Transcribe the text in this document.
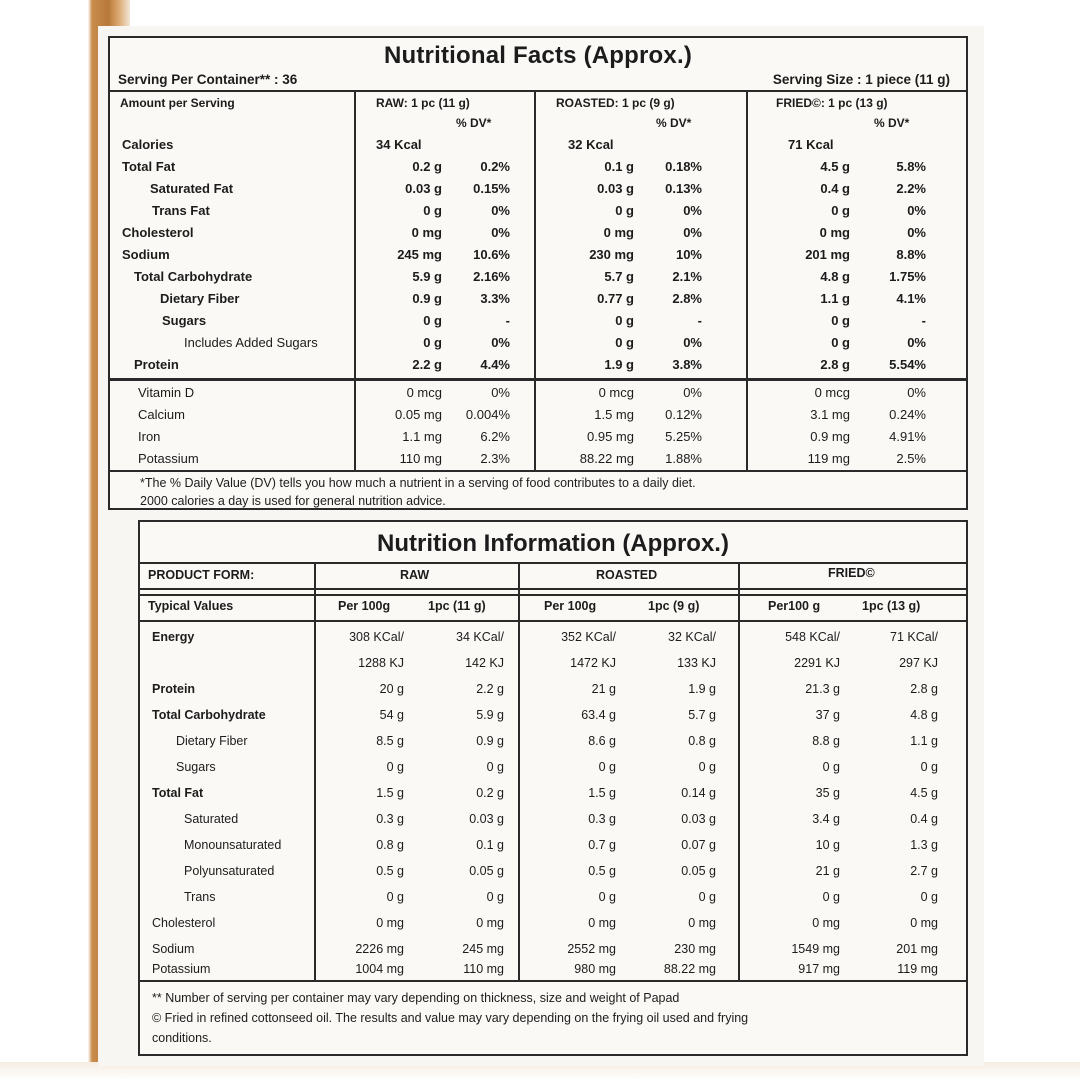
Nutritional Facts (Approx.)
Serving Per Container** : 36	Serving Size : 1 piece (11 g)
Amount per Serving	RAW: 1 pc (11 g)	ROASTED: 1 pc (9 g)	FRIED©: 1 pc (13 g)
% DV*	% DV*	% DV*
Calories	34 Kcal	32 Kcal	71 Kcal
Total Fat	0.2 g	0.2%	0.1 g	0.18%	4.5 g	5.8%
Saturated Fat	0.03 g	0.15%	0.03 g	0.13%	0.4 g	2.2%
Trans Fat	0 g	0%	0 g	0%	0 g	0%
Cholesterol	0 mg	0%	0 mg	0%	0 mg	0%
Sodium	245 mg	10.6%	230 mg	10%	201 mg	8.8%
Total Carbohydrate	5.9 g	2.16%	5.7 g	2.1%	4.8 g	1.75%
Dietary Fiber	0.9 g	3.3%	0.77 g	2.8%	1.1 g	4.1%
Sugars	0 g	-	0 g	-	0 g	-
Includes Added Sugars	0 g	0%	0 g	0%	0 g	0%
Protein	2.2 g	4.4%	1.9 g	3.8%	2.8 g	5.54%
Vitamin D	0 mcg	0%	0 mcg	0%	0 mcg	0%
Calcium	0.05 mg	0.004%	1.5 mg	0.12%	3.1 mg	0.24%
Iron	1.1 mg	6.2%	0.95 mg	5.25%	0.9 mg	4.91%
Potassium	110 mg	2.3%	88.22 mg	1.88%	119 mg	2.5%
*The % Daily Value (DV) tells you how much a nutrient in a serving of food contributes to a daily diet.
2000 calories a day is used for general nutrition advice.
Nutrition Information (Approx.)
PRODUCT FORM:	RAW	ROASTED	FRIED©
Typical Values	Per 100g	1pc (11 g)	Per 100g	1pc (9 g)	Per100 g	1pc (13 g)
Energy	308 KCal/	34 KCal/	352 KCal/	32 KCal/	548 KCal/	71 KCal/
1288 KJ	142 KJ	1472 KJ	133 KJ	2291 KJ	297 KJ
Protein	20 g	2.2 g	21 g	1.9 g	21.3 g	2.8 g
Total Carbohydrate	54 g	5.9 g	63.4 g	5.7 g	37 g	4.8 g
Dietary Fiber	8.5 g	0.9 g	8.6 g	0.8 g	8.8 g	1.1 g
Sugars	0 g	0 g	0 g	0 g	0 g	0 g
Total Fat	1.5 g	0.2 g	1.5 g	0.14 g	35 g	4.5 g
Saturated	0.3 g	0.03 g	0.3 g	0.03 g	3.4 g	0.4 g
Monounsaturated	0.8 g	0.1 g	0.7 g	0.07 g	10 g	1.3 g
Polyunsaturated	0.5 g	0.05 g	0.5 g	0.05 g	21 g	2.7 g
Trans	0 g	0 g	0 g	0 g	0 g	0 g
Cholesterol	0 mg	0 mg	0 mg	0 mg	0 mg	0 mg
Sodium	2226 mg	245 mg	2552 mg	230 mg	1549 mg	201 mg
Potassium	1004 mg	110 mg	980 mg	88.22 mg	917 mg	119 mg
** Number of serving per container may vary depending on thickness, size and weight of Papad
© Fried in refined cottonseed oil. The results and value may vary depending on the frying oil used and frying
conditions.
